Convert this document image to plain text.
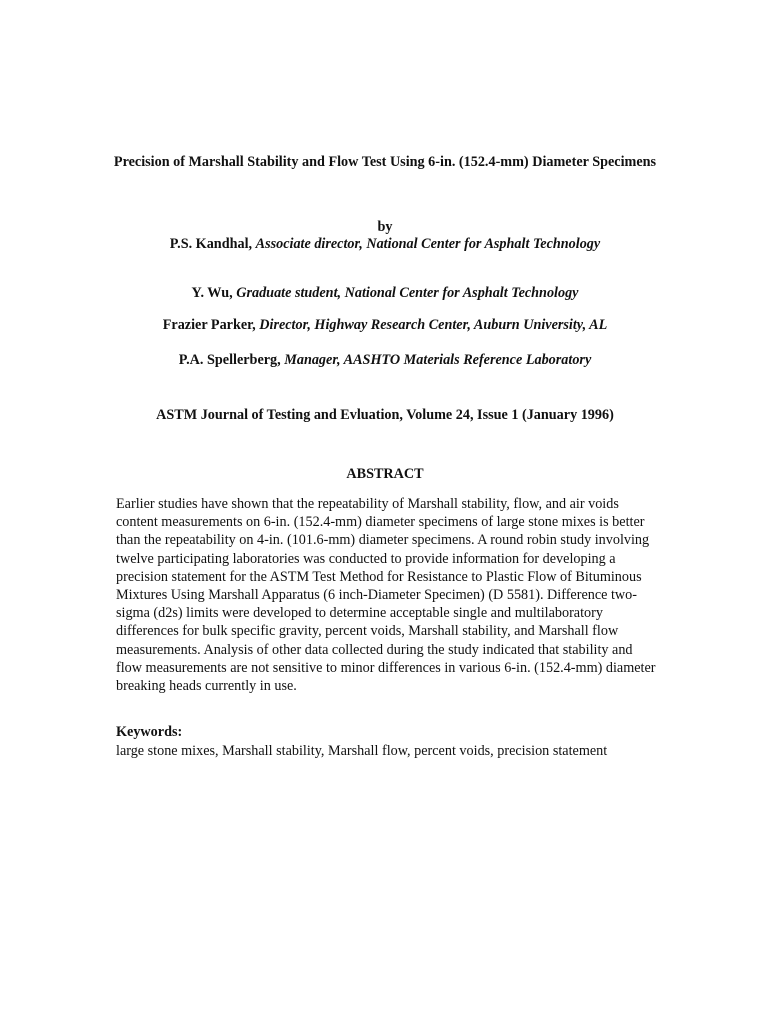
Precision of Marshall Stability and Flow Test Using 6-in. (152.4-mm) Diameter Specimens
by
P.S. Kandhal, Associate director, National Center for Asphalt Technology
Y. Wu, Graduate student, National Center for Asphalt Technology
Frazier Parker, Director, Highway Research Center, Auburn University, AL
P.A. Spellerberg, Manager, AASHTO Materials Reference Laboratory
ASTM Journal of Testing and Evluation, Volume 24, Issue 1 (January 1996)
ABSTRACT

Earlier studies have shown that the repeatability of Marshall stability, flow, and air voids content measurements on 6-in. (152.4-mm) diameter specimens of large stone mixes is better than the repeatability on 4-in. (101.6-mm) diameter specimens. A round robin study involving twelve participating laboratories was conducted to provide information for developing a precision statement for the ASTM Test Method for Resistance to Plastic Flow of Bituminous Mixtures Using Marshall Apparatus (6 inch-Diameter Specimen) (D 5581). Difference two-sigma (d2s) limits were developed to determine acceptable single and multilaboratory differences for bulk specific gravity, percent voids, Marshall stability, and Marshall flow measurements. Analysis of other data collected during the study indicated that stability and flow measurements are not sensitive to minor differences in various 6-in. (152.4-mm) diameter breaking heads currently in use.

Keywords:
large stone mixes, Marshall stability, Marshall flow, percent voids, precision statement
